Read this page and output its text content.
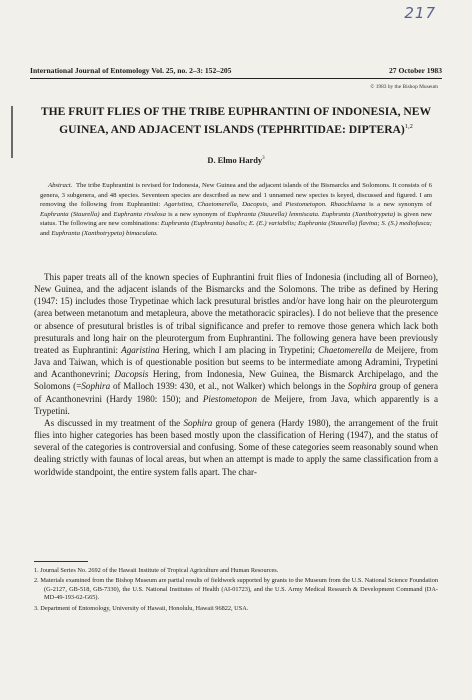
217
International Journal of Entomology Vol. 25, no. 2–3: 152–205	27 October 1983
© 1983 by the Bishop Museum
THE FRUIT FLIES OF THE TRIBE EUPHRANTINI OF INDONESIA, NEW GUINEA, AND ADJACENT ISLANDS (TEPHRITIDAE: DIPTERA)$^{1,2}$
D. Elmo Hardy$^3$

Abstract. The tribe Euphrantini is revised for Indonesia, New Guinea and the adjacent islands of the Bismarcks and Solomons. It consists of 6 genera, 3 subgenera, and 48 species. Seventeen species are described as new and 1 unnamed new species is keyed, discussed and figured. I am removing the following from Euphrantini: Agaristina, Chaetomerella, Dacopsis, and Piestometopon. Rhaochlaena is a new synonym of Euphranta (Staurella) and Euphranta rivulosa is a new synonym of Euphranta (Staurella) lemniscata. Euphranta (Xanthotrypeta) is given new status. The following are new combinations: Euphranta (Euphranta) basalis; E. (E.) variabilis; Euphranta (Staurella) flavina; S. (S.) mediofusca; and Euphranta (Xanthotrypeta) bimaculata.

This paper treats all of the known species of Euphrantini fruit flies of Indonesia (including all of Borneo), New Guinea, and the adjacent islands of the Bismarcks and the Solomons. The tribe as defined by Hering (1947: 15) includes those Trypetinae which lack presutural bristles and/or have long hair on the pleurotergum (area between metanotum and metapleura, above the metathoracic spiracles). I do not believe that the presence or absence of presutural bristles is of tribal significance and prefer to remove those genera which lack both presuturals and long hair on the pleurotergum from Euphrantini. The following genera have been previously treated as Euphrantini: Agaristina Hering, which I am placing in Trypetini; Chaetomerella de Meijere, from Java and Taiwan, which is of questionable position but seems to be intermediate among Adramini, Trypetini and Acanthonevrini; Dacopsis Hering, from Indonesia, New Guinea, the Bismarck Archipelago, and the Solomons (=Sophira of Malloch 1939: 430, et al., not Walker) which belongs in the Sophira group of genera of Acanthonevrini (Hardy 1980: 150); and Piestometopon de Meijere, from Java, which apparently is a Trypetini.

As discussed in my treatment of the Sophira group of genera (Hardy 1980), the arrangement of the fruit flies into higher categories has been based mostly upon the classification of Hering (1947), and the status of several of the categories is controversial and confusing. Some of these categories seem reasonably sound when dealing strictly with faunas of local areas, but when an attempt is made to apply the same classification from a worldwide standpoint, the entire system falls apart. The char-

1. Journal Series No. 2692 of the Hawaii Institute of Tropical Agriculture and Human Resources.

2. Materials examined from the Bishop Museum are partial results of fieldwork supported by grants to the Museum from the U.S. National Science Foundation (G-2127, GB-518, GB-7330), the U.S. National Institutes of Health (AI-01723), and the U.S. Army Medical Research & Development Command (DA-MD-49-193-62-G65).

3. Department of Entomology, University of Hawaii, Honolulu, Hawaii 96822, USA.
